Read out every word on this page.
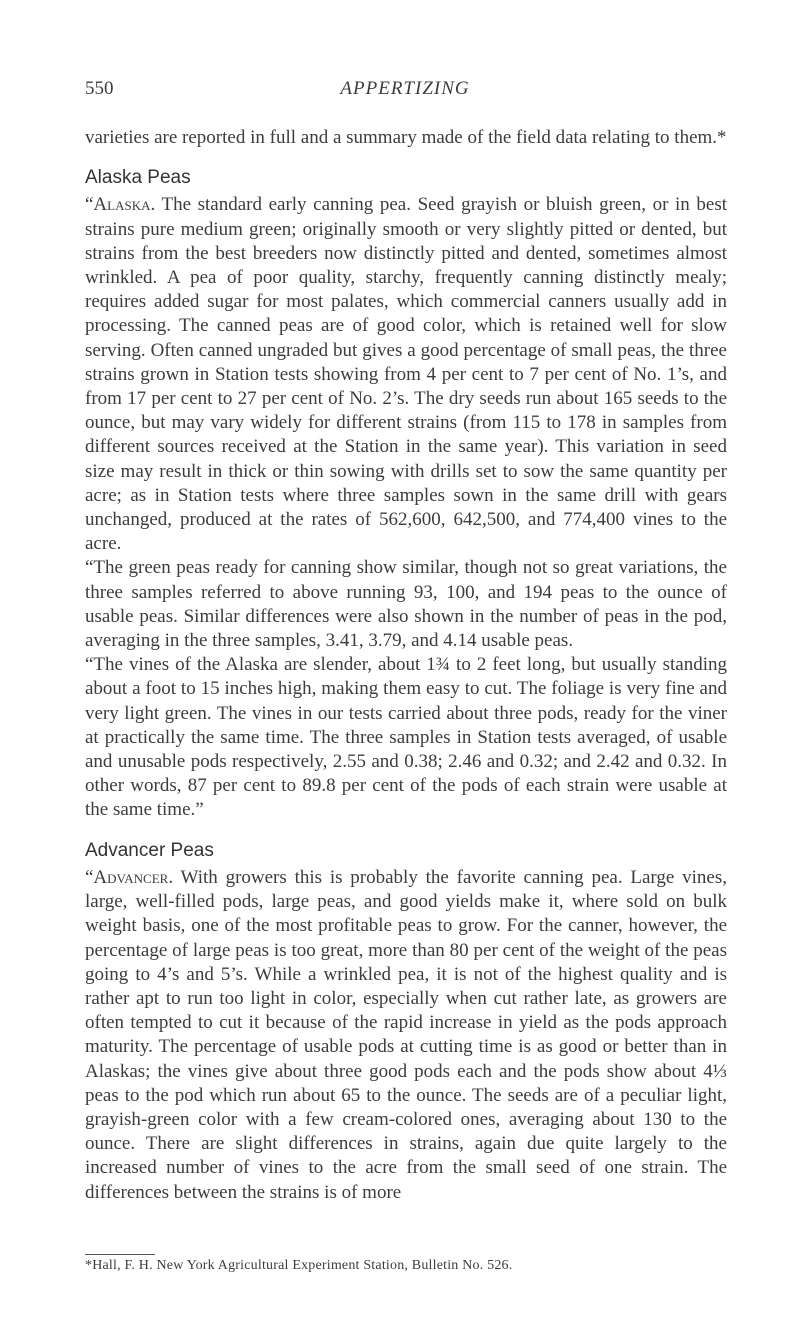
550	APPERTIZING

varieties are reported in full and a summary made of the field data relating to them.*

Alaska Peas

“Alaska. The standard early canning pea. Seed grayish or bluish green, or in best strains pure medium green; originally smooth or very slightly pitted or dented, but strains from the best breeders now distinctly pitted and dented, sometimes almost wrinkled. A pea of poor quality, starchy, frequently canning distinctly mealy; requires added sugar for most palates, which commercial canners usually add in processing. The canned peas are of good color, which is retained well for slow serving. Often canned ungraded but gives a good percentage of small peas, the three strains grown in Station tests showing from 4 per cent to 7 per cent of No. 1’s, and from 17 per cent to 27 per cent of No. 2’s. The dry seeds run about 165 seeds to the ounce, but may vary widely for different strains (from 115 to 178 in samples from different sources received at the Station in the same year). This variation in seed size may result in thick or thin sowing with drills set to sow the same quantity per acre; as in Station tests where three samples sown in the same drill with gears unchanged, produced at the rates of 562,600, 642,500, and 774,400 vines to the acre.

“The green peas ready for canning show similar, though not so great variations, the three samples referred to above running 93, 100, and 194 peas to the ounce of usable peas. Similar differences were also shown in the number of peas in the pod, averaging in the three samples, 3.41, 3.79, and 4.14 usable peas.

“The vines of the Alaska are slender, about 1¾ to 2 feet long, but usually standing about a foot to 15 inches high, making them easy to cut. The foliage is very fine and very light green. The vines in our tests carried about three pods, ready for the viner at practically the same time. The three samples in Station tests averaged, of usable and unusable pods respectively, 2.55 and 0.38; 2.46 and 0.32; and 2.42 and 0.32. In other words, 87 per cent to 89.8 per cent of the pods of each strain were usable at the same time.”

Advancer Peas

“Advancer. With growers this is probably the favorite canning pea. Large vines, large, well-filled pods, large peas, and good yields make it, where sold on bulk weight basis, one of the most profitable peas to grow. For the canner, however, the percentage of large peas is too great, more than 80 per cent of the weight of the peas going to 4’s and 5’s. While a wrinkled pea, it is not of the highest quality and is rather apt to run too light in color, especially when cut rather late, as growers are often tempted to cut it because of the rapid increase in yield as the pods approach maturity. The percentage of usable pods at cutting time is as good or better than in Alaskas; the vines give about three good pods each and the pods show about 4⅓ peas to the pod which run about 65 to the ounce. The seeds are of a peculiar light, grayish-green color with a few cream-colored ones, averaging about 130 to the ounce. There are slight differences in strains, again due quite largely to the increased number of vines to the acre from the small seed of one strain. The differences between the strains is of more

*Hall, F. H. New York Agricultural Experiment Station, Bulletin No. 526.
